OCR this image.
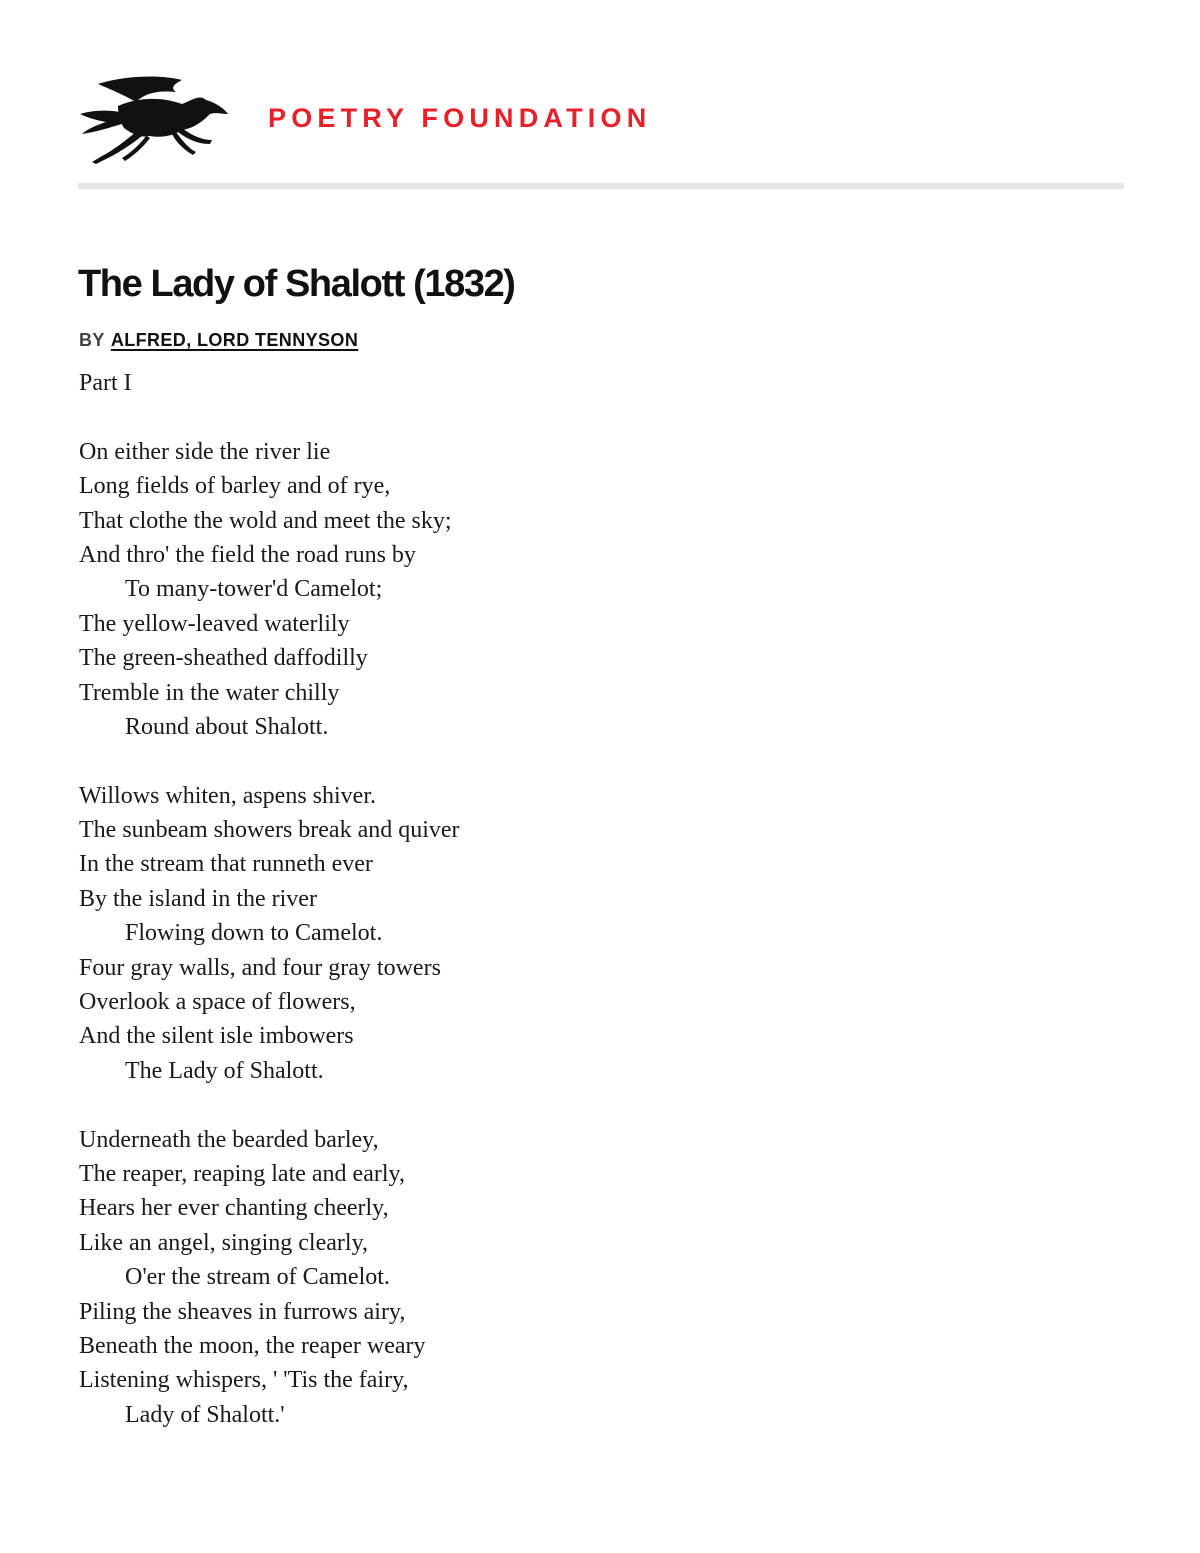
POETRY FOUNDATION
The Lady of Shalott (1832)
BY ALFRED, LORD TENNYSON
Part I
On either side the river lie
Long fields of barley and of rye,
That clothe the wold and meet the sky;
And thro' the field the road runs by
To many-tower'd Camelot;
The yellow-leaved waterlily
The green-sheathed daffodilly
Tremble in the water chilly
Round about Shalott.
Willows whiten, aspens shiver.
The sunbeam showers break and quiver
In the stream that runneth ever
By the island in the river
Flowing down to Camelot.
Four gray walls, and four gray towers
Overlook a space of flowers,
And the silent isle imbowers
The Lady of Shalott.
Underneath the bearded barley,
The reaper, reaping late and early,
Hears her ever chanting cheerly,
Like an angel, singing clearly,
O'er the stream of Camelot.
Piling the sheaves in furrows airy,
Beneath the moon, the reaper weary
Listening whispers, ' 'Tis the fairy,
Lady of Shalott.'
